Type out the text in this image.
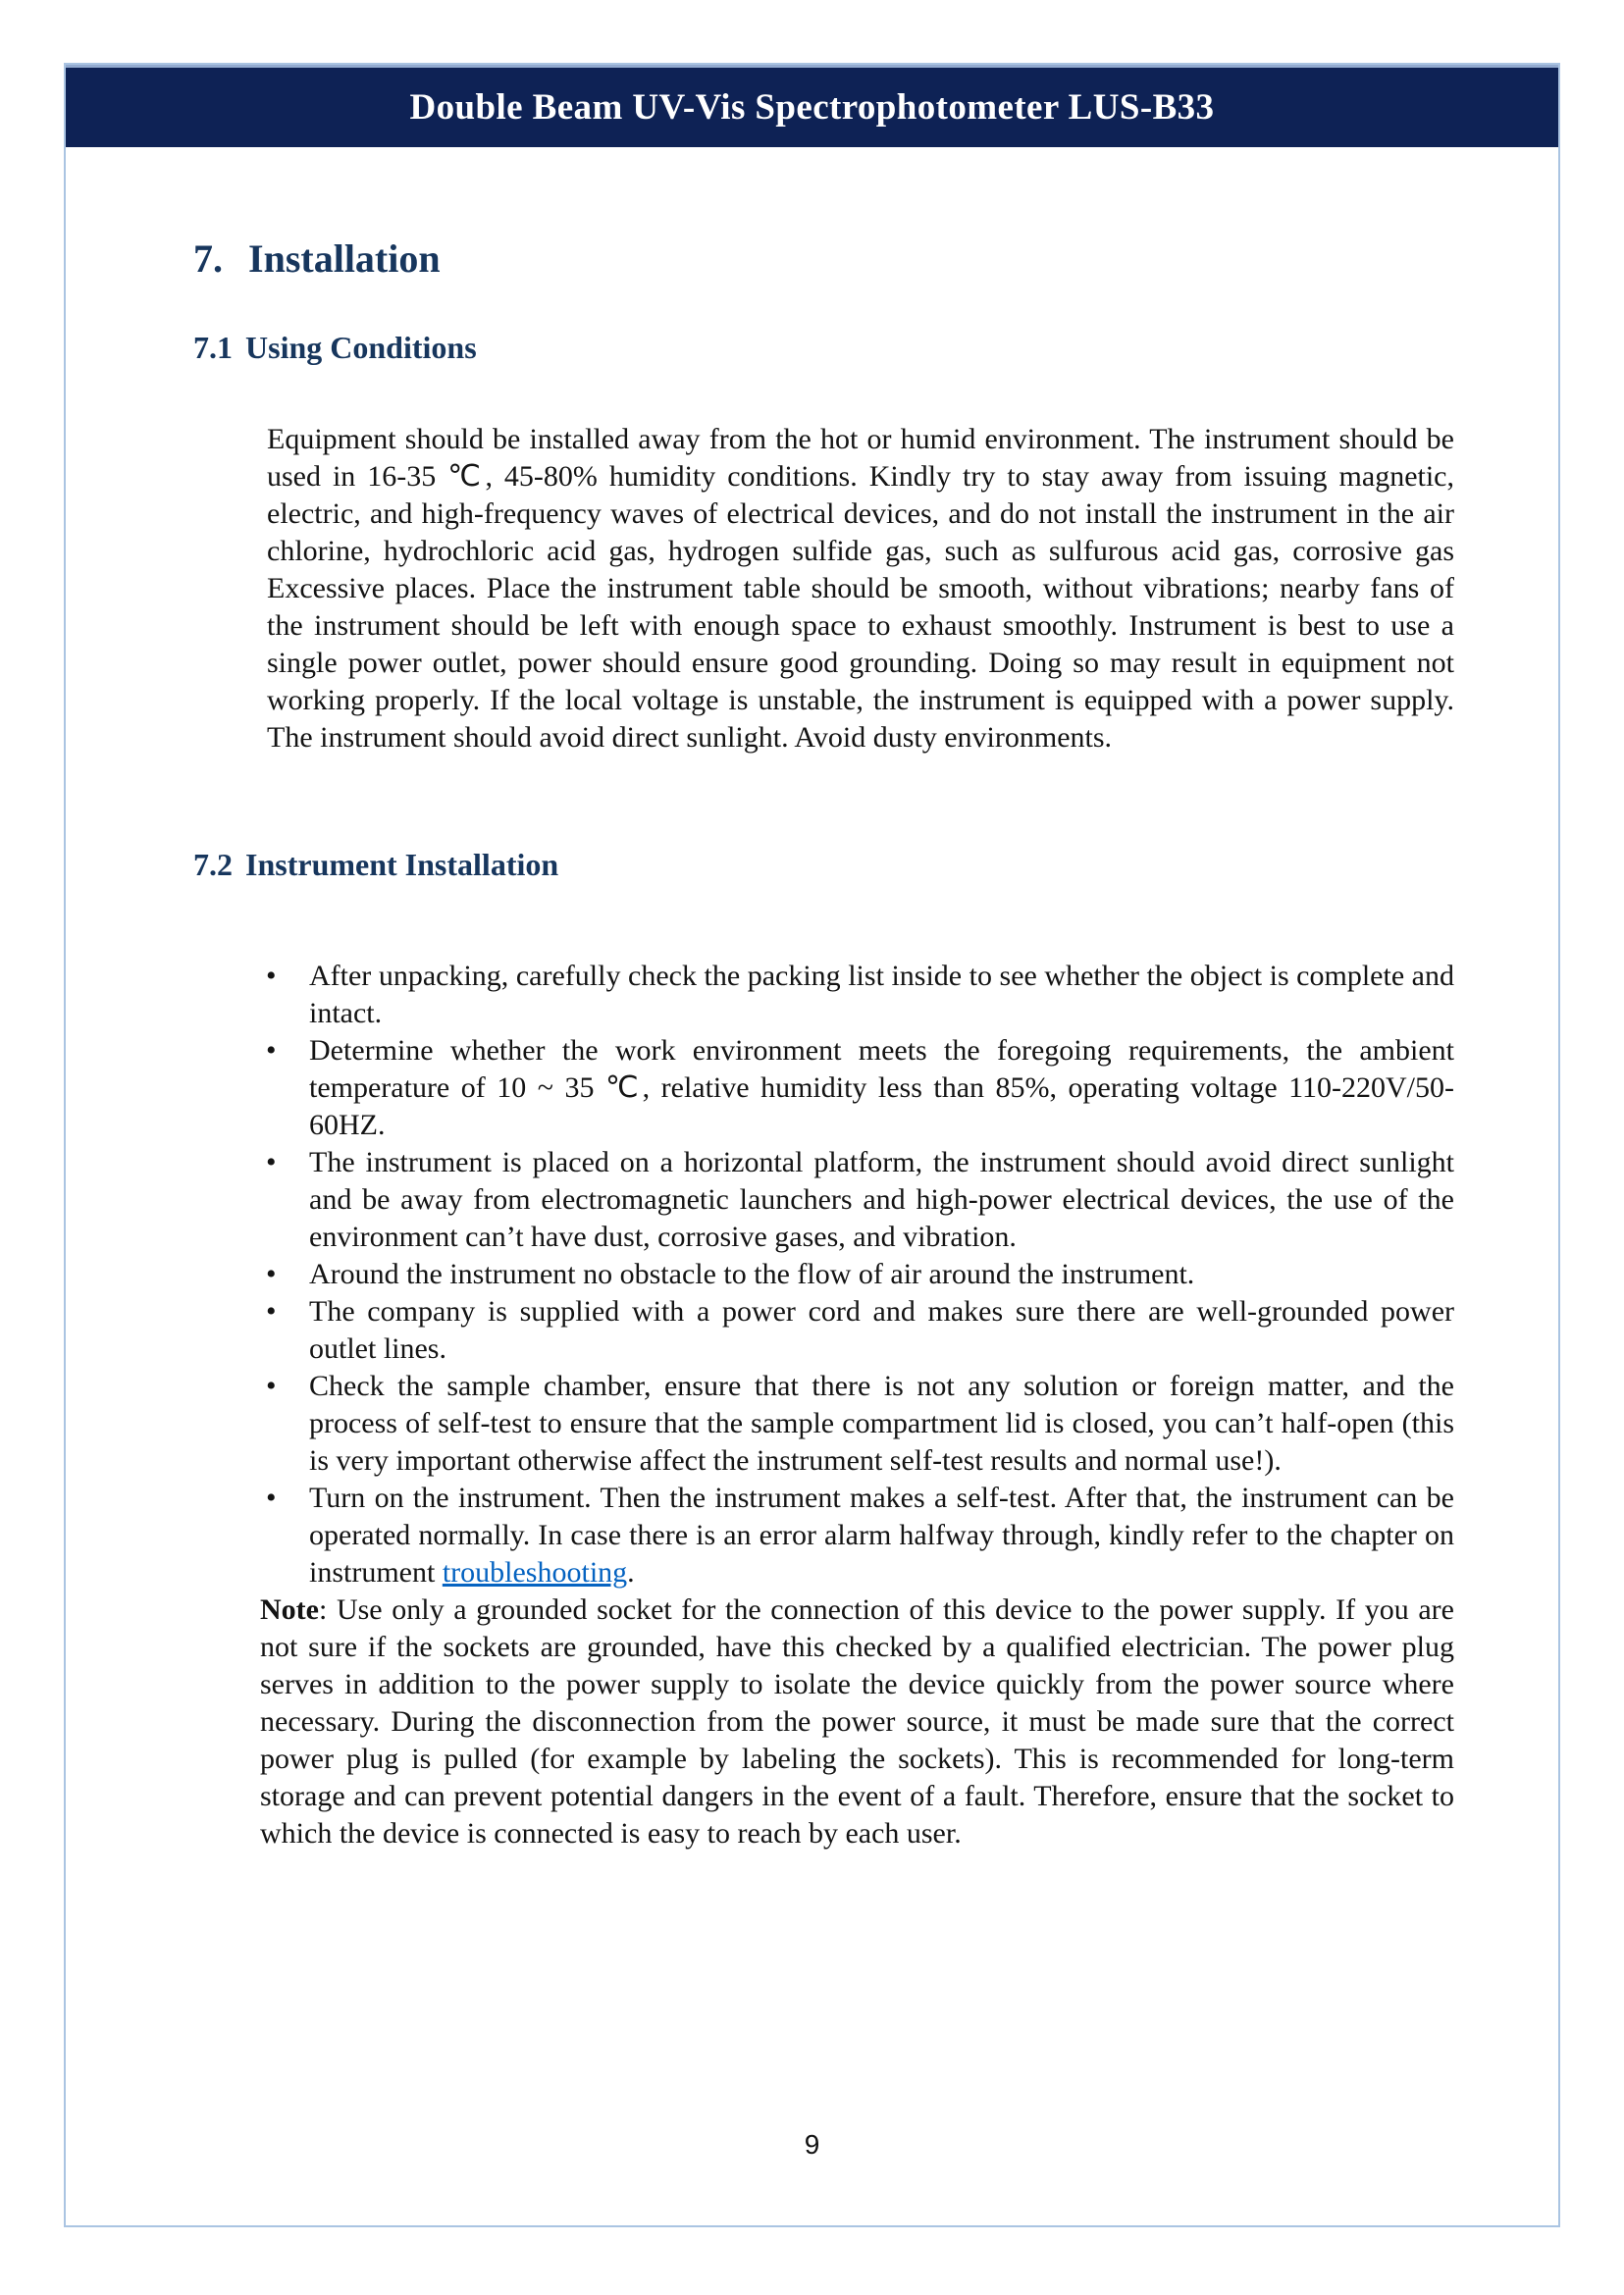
Double Beam UV-Vis Spectrophotometer LUS-B33
7. Installation
7.1 Using Conditions

Equipment should be installed away from the hot or humid environment. The instrument should be used in 16-35 ℃, 45-80% humidity conditions. Kindly try to stay away from issuing magnetic, electric, and high-frequency waves of electrical devices, and do not install the instrument in the air chlorine, hydrochloric acid gas, hydrogen sulfide gas, such as sulfurous acid gas, corrosive gas Excessive places. Place the instrument table should be smooth, without vibrations; nearby fans of the instrument should be left with enough space to exhaust smoothly. Instrument is best to use a single power outlet, power should ensure good grounding. Doing so may result in equipment not working properly. If the local voltage is unstable, the instrument is equipped with a power supply. The instrument should avoid direct sunlight. Avoid dusty environments.

7.2 Instrument Installation
• After unpacking, carefully check the packing list inside to see whether the object is complete and intact.
• Determine whether the work environment meets the foregoing requirements, the ambient temperature of 10 ~ 35 ℃, relative humidity less than 85%, operating voltage 110-220V/50-60HZ.
• The instrument is placed on a horizontal platform, the instrument should avoid direct sunlight and be away from electromagnetic launchers and high-power electrical devices, the use of the environment can’t have dust, corrosive gases, and vibration.
• Around the instrument no obstacle to the flow of air around the instrument.
• The company is supplied with a power cord and makes sure there are well-grounded power outlet lines.
• Check the sample chamber, ensure that there is not any solution or foreign matter, and the process of self-test to ensure that the sample compartment lid is closed, you can’t half-open (this is very important otherwise affect the instrument self-test results and normal use!).
• Turn on the instrument. Then the instrument makes a self-test. After that, the instrument can be operated normally. In case there is an error alarm halfway through, kindly refer to the chapter on instrument troubleshooting.

Note: Use only a grounded socket for the connection of this device to the power supply. If you are not sure if the sockets are grounded, have this checked by a qualified electrician. The power plug serves in addition to the power supply to isolate the device quickly from the power source where necessary. During the disconnection from the power source, it must be made sure that the correct power plug is pulled (for example by labeling the sockets). This is recommended for long-term storage and can prevent potential dangers in the event of a fault. Therefore, ensure that the socket to which the device is connected is easy to reach by each user.

9
